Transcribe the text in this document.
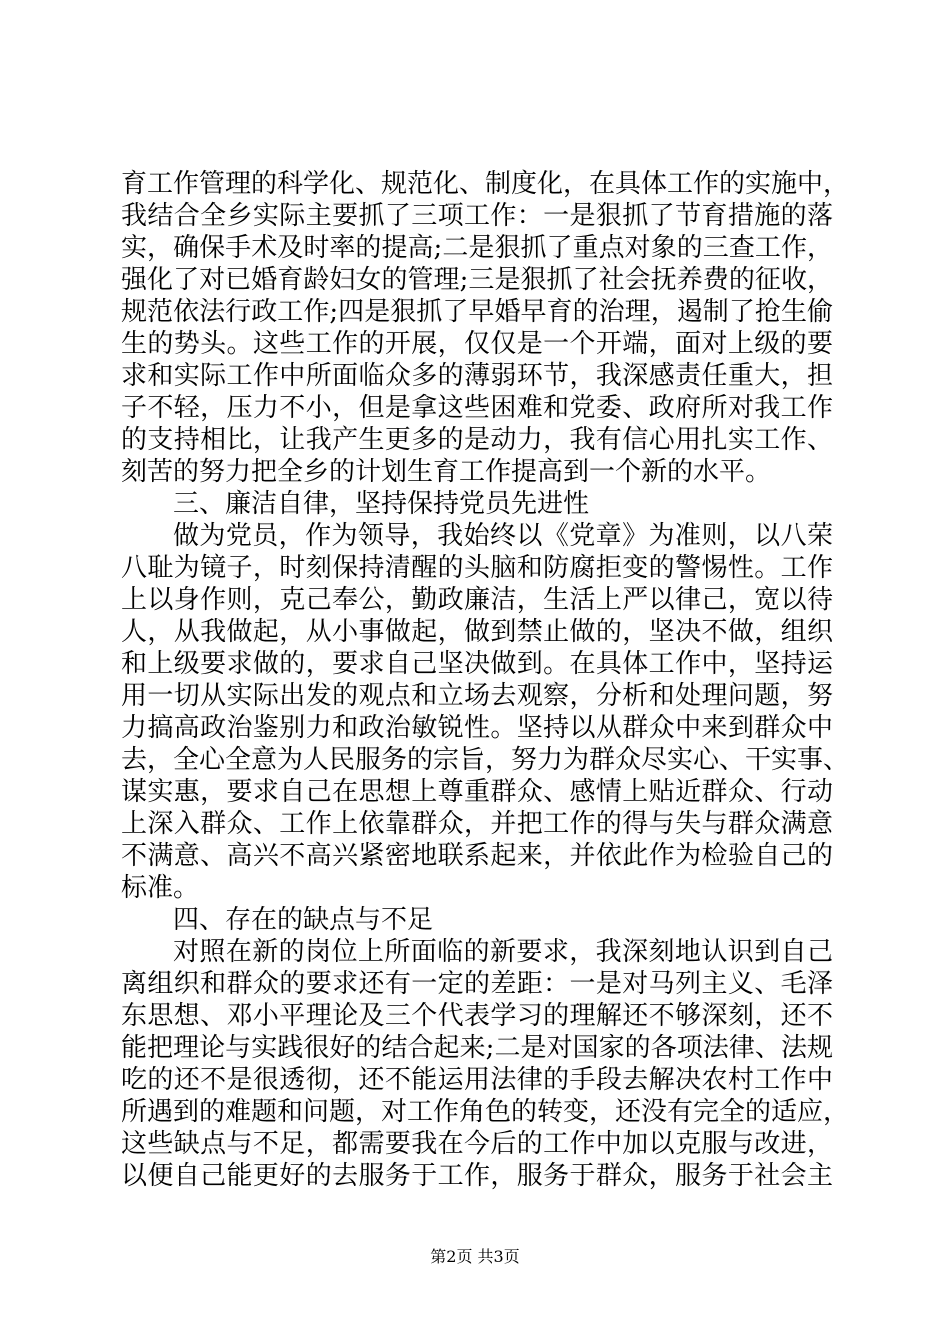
育工作管理的科学化、规范化、制度化，在具体工作的实施中，
我结合全乡实际主要抓了三项工作：一是狠抓了节育措施的落
实，确保手术及时率的提高;二是狠抓了重点对象的三查工作，
强化了对已婚育龄妇女的管理;三是狠抓了社会抚养费的征收，
规范依法行政工作;四是狠抓了早婚早育的治理，遏制了抢生偷
生的势头。这些工作的开展，仅仅是一个开端，面对上级的要
求和实际工作中所面临众多的薄弱环节，我深感责任重大，担
子不轻，压力不小，但是拿这些困难和党委、政府所对我工作
的支持相比，让我产生更多的是动力，我有信心用扎实工作、
刻苦的努力把全乡的计划生育工作提高到一个新的水平。
三、廉洁自律，坚持保持党员先进性
做为党员，作为领导，我始终以《党章》为准则，以八荣
八耻为镜子，时刻保持清醒的头脑和防腐拒变的警惕性。工作
上以身作则，克己奉公，勤政廉洁，生活上严以律己，宽以待
人，从我做起，从小事做起，做到禁止做的，坚决不做，组织
和上级要求做的，要求自己坚决做到。在具体工作中，坚持运
用一切从实际出发的观点和立场去观察，分析和处理问题，努
力搞高政治鉴别力和政治敏锐性。坚持以从群众中来到群众中
去，全心全意为人民服务的宗旨，努力为群众尽实心、干实事、
谋实惠，要求自己在思想上尊重群众、感情上贴近群众、行动
上深入群众、工作上依靠群众，并把工作的得与失与群众满意
不满意、高兴不高兴紧密地联系起来，并依此作为检验自己的
标准。
四、存在的缺点与不足
对照在新的岗位上所面临的新要求，我深刻地认识到自己
离组织和群众的要求还有一定的差距：一是对马列主义、毛泽
东思想、邓小平理论及三个代表学习的理解还不够深刻，还不
能把理论与实践很好的结合起来;二是对国家的各项法律、法规
吃的还不是很透彻，还不能运用法律的手段去解决农村工作中
所遇到的难题和问题，对工作角色的转变，还没有完全的适应，
这些缺点与不足，都需要我在今后的工作中加以克服与改进，
以便自己能更好的去服务于工作，服务于群众，服务于社会主
第2页 共3页
